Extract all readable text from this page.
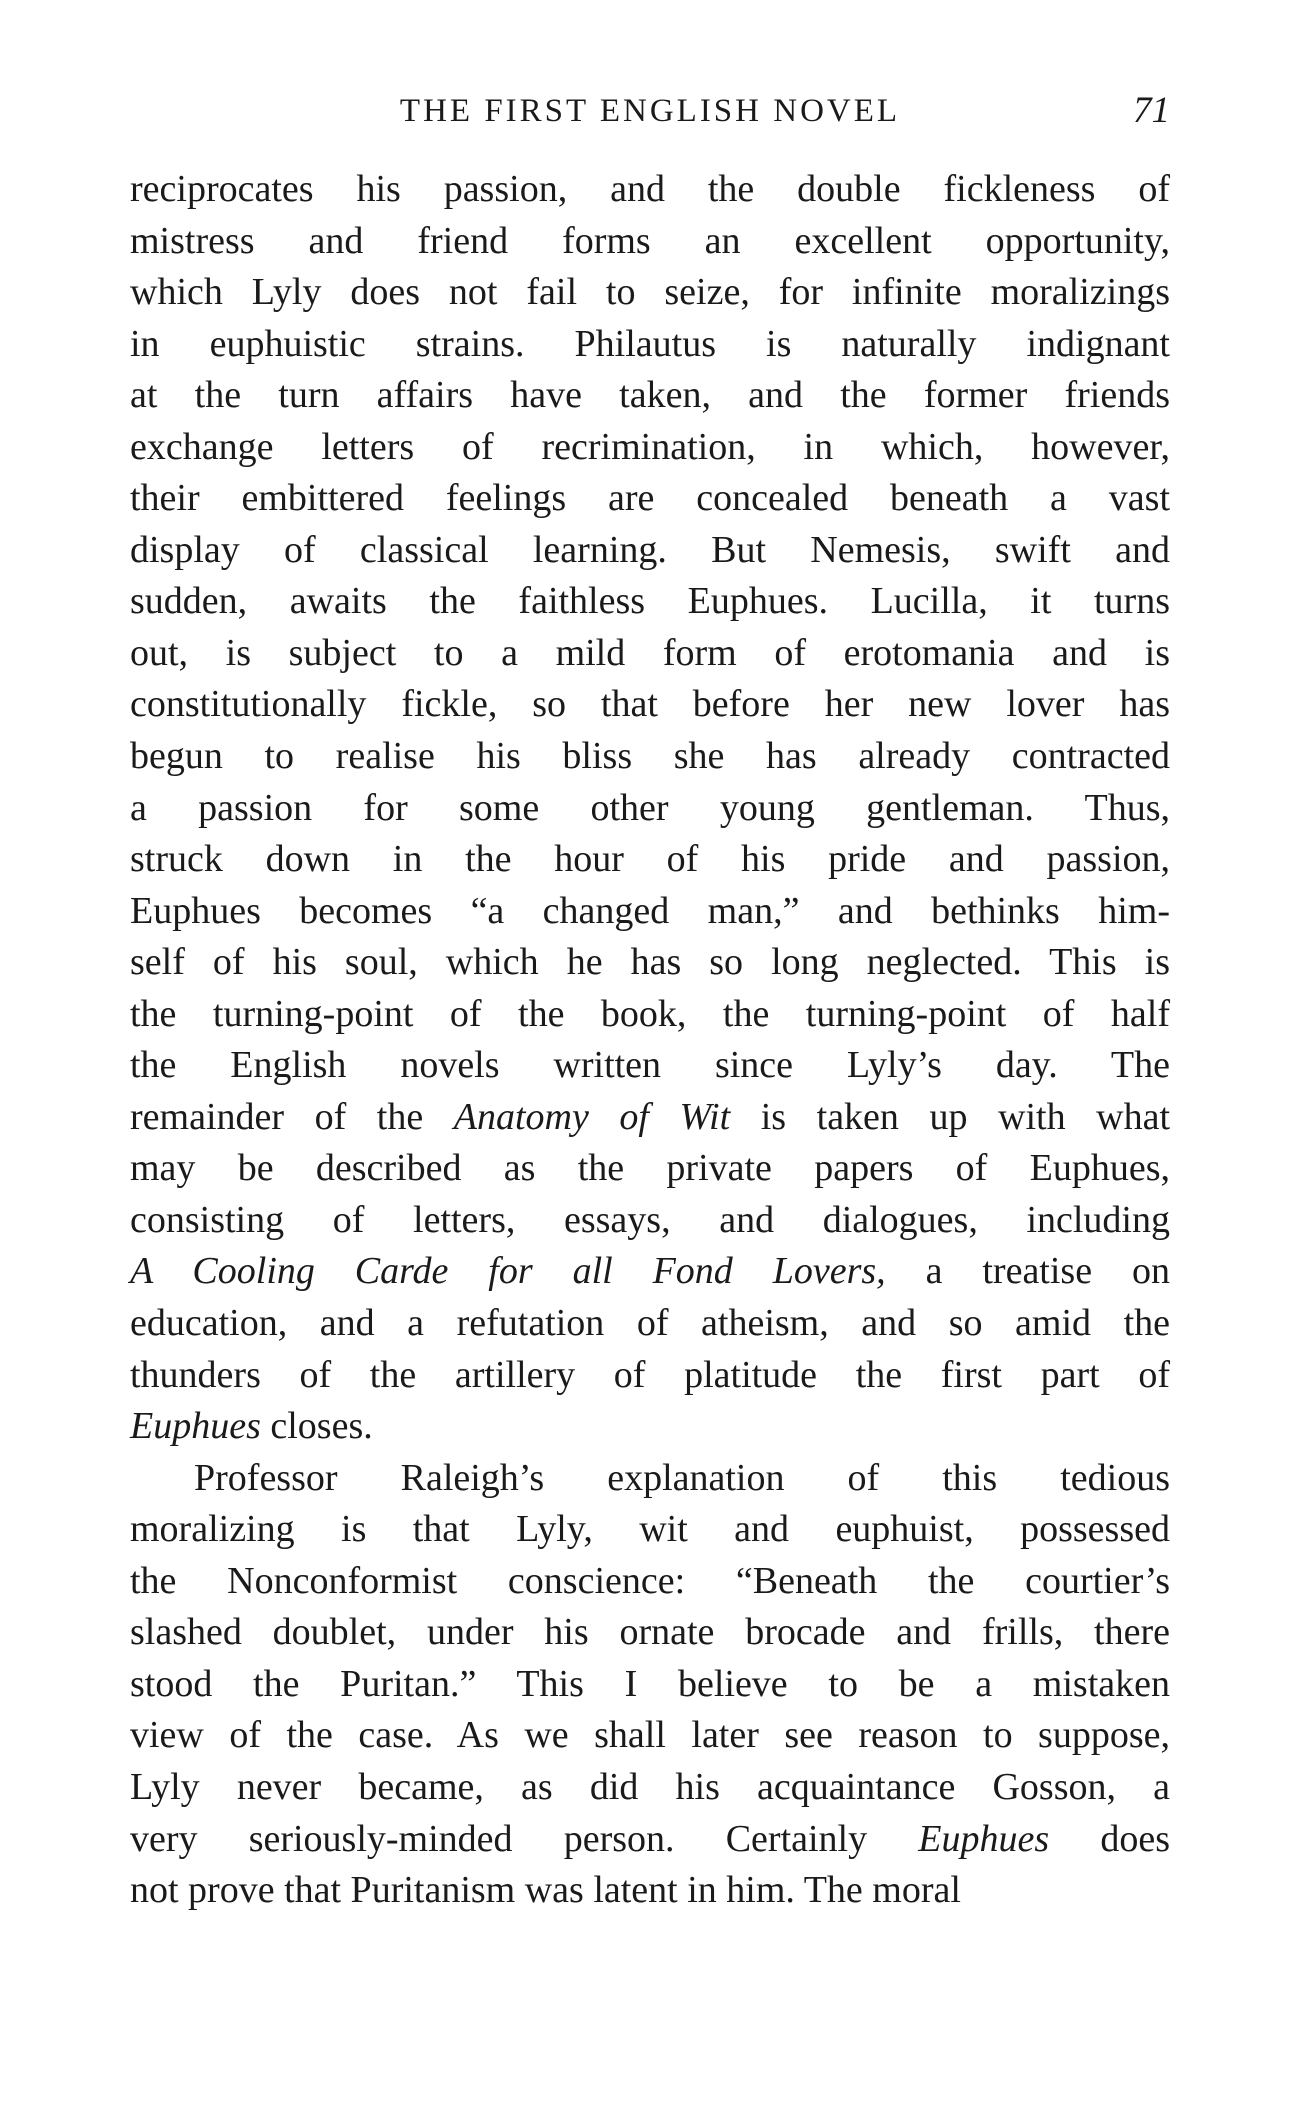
THE FIRST ENGLISH NOVEL	71
reciprocates his passion, and the double fickleness of
mistress and friend forms an excellent opportunity,
which Lyly does not fail to seize, for infinite moralizings
in euphuistic strains. Philautus is naturally indignant
at the turn affairs have taken, and the former friends
exchange letters of recrimination, in which, however,
their embittered feelings are concealed beneath a vast
display of classical learning. But Nemesis, swift and
sudden, awaits the faithless Euphues. Lucilla, it turns
out, is subject to a mild form of erotomania and is
constitutionally fickle, so that before her new lover has
begun to realise his bliss she has already contracted
a passion for some other young gentleman. Thus,
struck down in the hour of his pride and passion,
Euphues becomes “a changed man,” and bethinks him-
self of his soul, which he has so long neglected. This is
the turning-point of the book, the turning-point of half
the English novels written since Lyly’s day. The
remainder of the Anatomy of Wit is taken up with what
may be described as the private papers of Euphues,
consisting of letters, essays, and dialogues, including
A Cooling Carde for all Fond Lovers, a treatise on
education, and a refutation of atheism, and so amid the
thunders of the artillery of platitude the first part of
Euphues closes.
Professor Raleigh’s explanation of this tedious
moralizing is that Lyly, wit and euphuist, possessed
the Nonconformist conscience: “Beneath the courtier’s
slashed doublet, under his ornate brocade and frills, there
stood the Puritan.” This I believe to be a mistaken
view of the case. As we shall later see reason to suppose,
Lyly never became, as did his acquaintance Gosson, a
very seriously-minded person. Certainly Euphues does
not prove that Puritanism was latent in him. The moral
